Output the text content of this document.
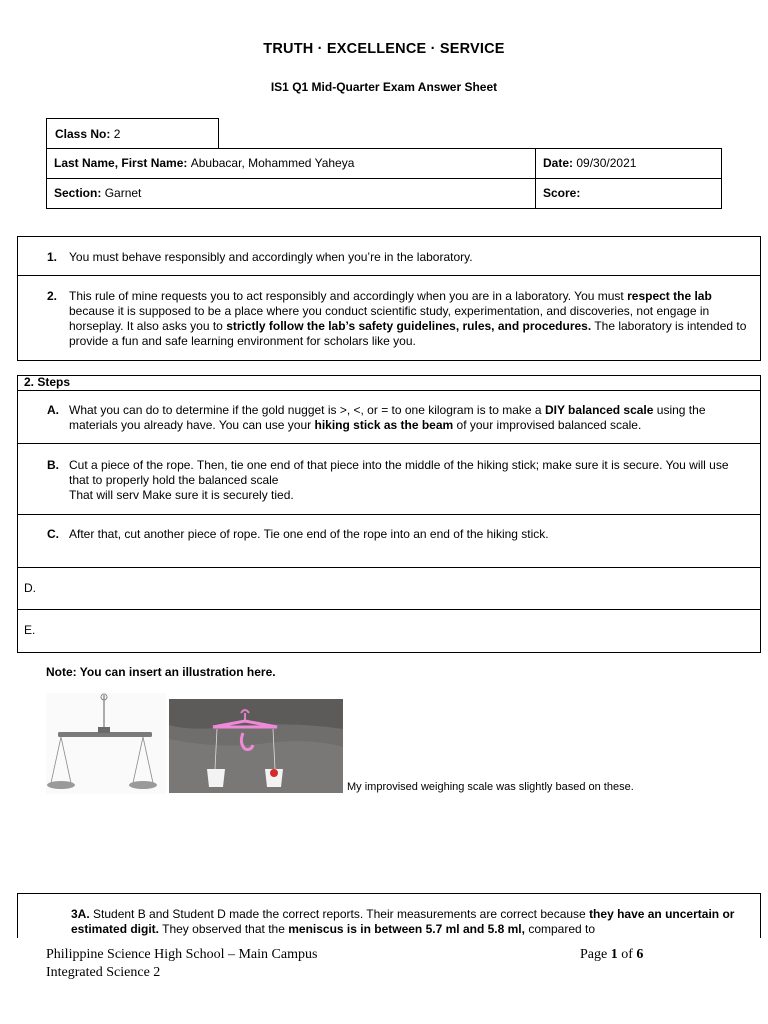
TRUTH · EXCELLENCE · SERVICE
IS1 Q1 Mid-Quarter Exam Answer Sheet
Class No:
2
Last Name, First Name:
Abubacar, Mohammed Yaheya	Date:
09/30/2021
Section:
Garnet	Score:

1. You must behave responsibly and accordingly when you’re in the laboratory.
2. This rule of mine requests you to act responsibly and accordingly when you are in a laboratory. You must respect the lab because it is supposed to be a place where you conduct scientific study, experimentation, and discoveries, not engage in horseplay. It also asks you to strictly follow the lab’s safety guidelines, rules, and procedures. The laboratory is intended to provide a fun and safe learning environment for scholars like you.
2. Steps
A. What you can do to determine if the gold nugget is >, <, or = to one kilogram is to make a DIY balanced scale using the materials you already have. You can use your hiking stick as the beam of your improvised balanced scale.
B. Cut a piece of the rope. Then, tie one end of that piece into the middle of the hiking stick; make sure it is secure. You will use that to properly hold the balanced scale
That will serv Make sure it is securely tied.
C. After that, cut another piece of rope. Tie one end of the rope into an end of the hiking stick.
D.
E.
Note: You can insert an illustration here.
My improvised weighing scale was slightly based on these.
3A. Student B and Student D made the correct reports. Their measurements are correct because they have an uncertain or estimated digit. They observed that the meniscus is in between 5.7 ml and 5.8 ml, compared to
Philippine Science High School – Main Campus
Integrated Science 2
Page 1 of 6
